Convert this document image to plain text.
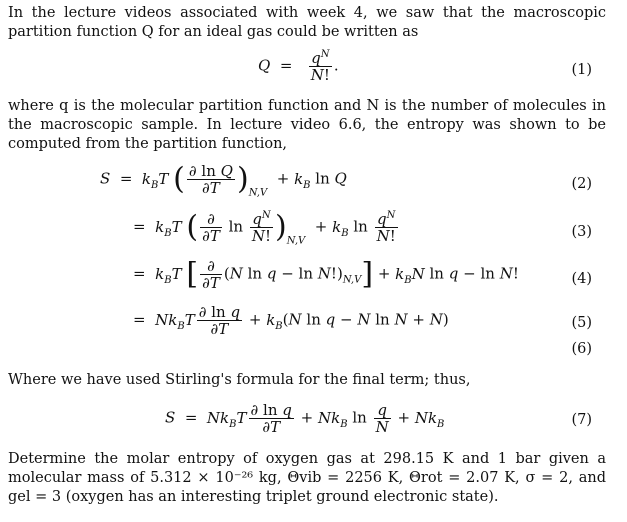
In the lecture videos associated with week 4, we saw that the macroscopic partition function Q for an ideal gas could be written as
$Q = \frac{q^N}{N!}$ .	(1)
where q is the molecular partition function and N is the number of molecules in the macroscopic sample. In lecture video 6.6, the entropy was shown to be computed from the partition function,
$S = k_BT$ ( $\frac{\text{∂ ln Q}}{\partial T} )_{N,V} + k_B$ ln Q	(2)
=  $k_BT$ ( $\frac{\partial}{\partial T}$ $\ln \frac{q^N}{N!} )_{N,V} + k_B$ $\ln \frac{q^N}{N!}$	(3)
=  $k_BT$ [ $\frac{\partial}{\partial T} (N$ $\ln q - \ln N!)_{N,V}] + k_BN$ ln q − ln N!	(4)
=  $Nk_BT \frac{\text{∂ ln q}}{\partial T} + k_B(N$ ln q − N ln N + N)	(5)
(6)
Where we have used Stirling's formula for the final term; thus,
$S = Nk_BT \frac{\text{∂ ln q}}{\partial T} + Nk_B$ $\ln \frac{q}{N} + Nk_B$	(7)
Determine the molar entropy of oxygen gas at 298.15 K and 1 bar given a molecular mass of 5.312 × 10⁻²⁶ kg, Θvib = 2256 K, Θrot = 2.07 K, σ = 2, and gel = 3 (oxygen has an interesting triplet ground electronic state).
